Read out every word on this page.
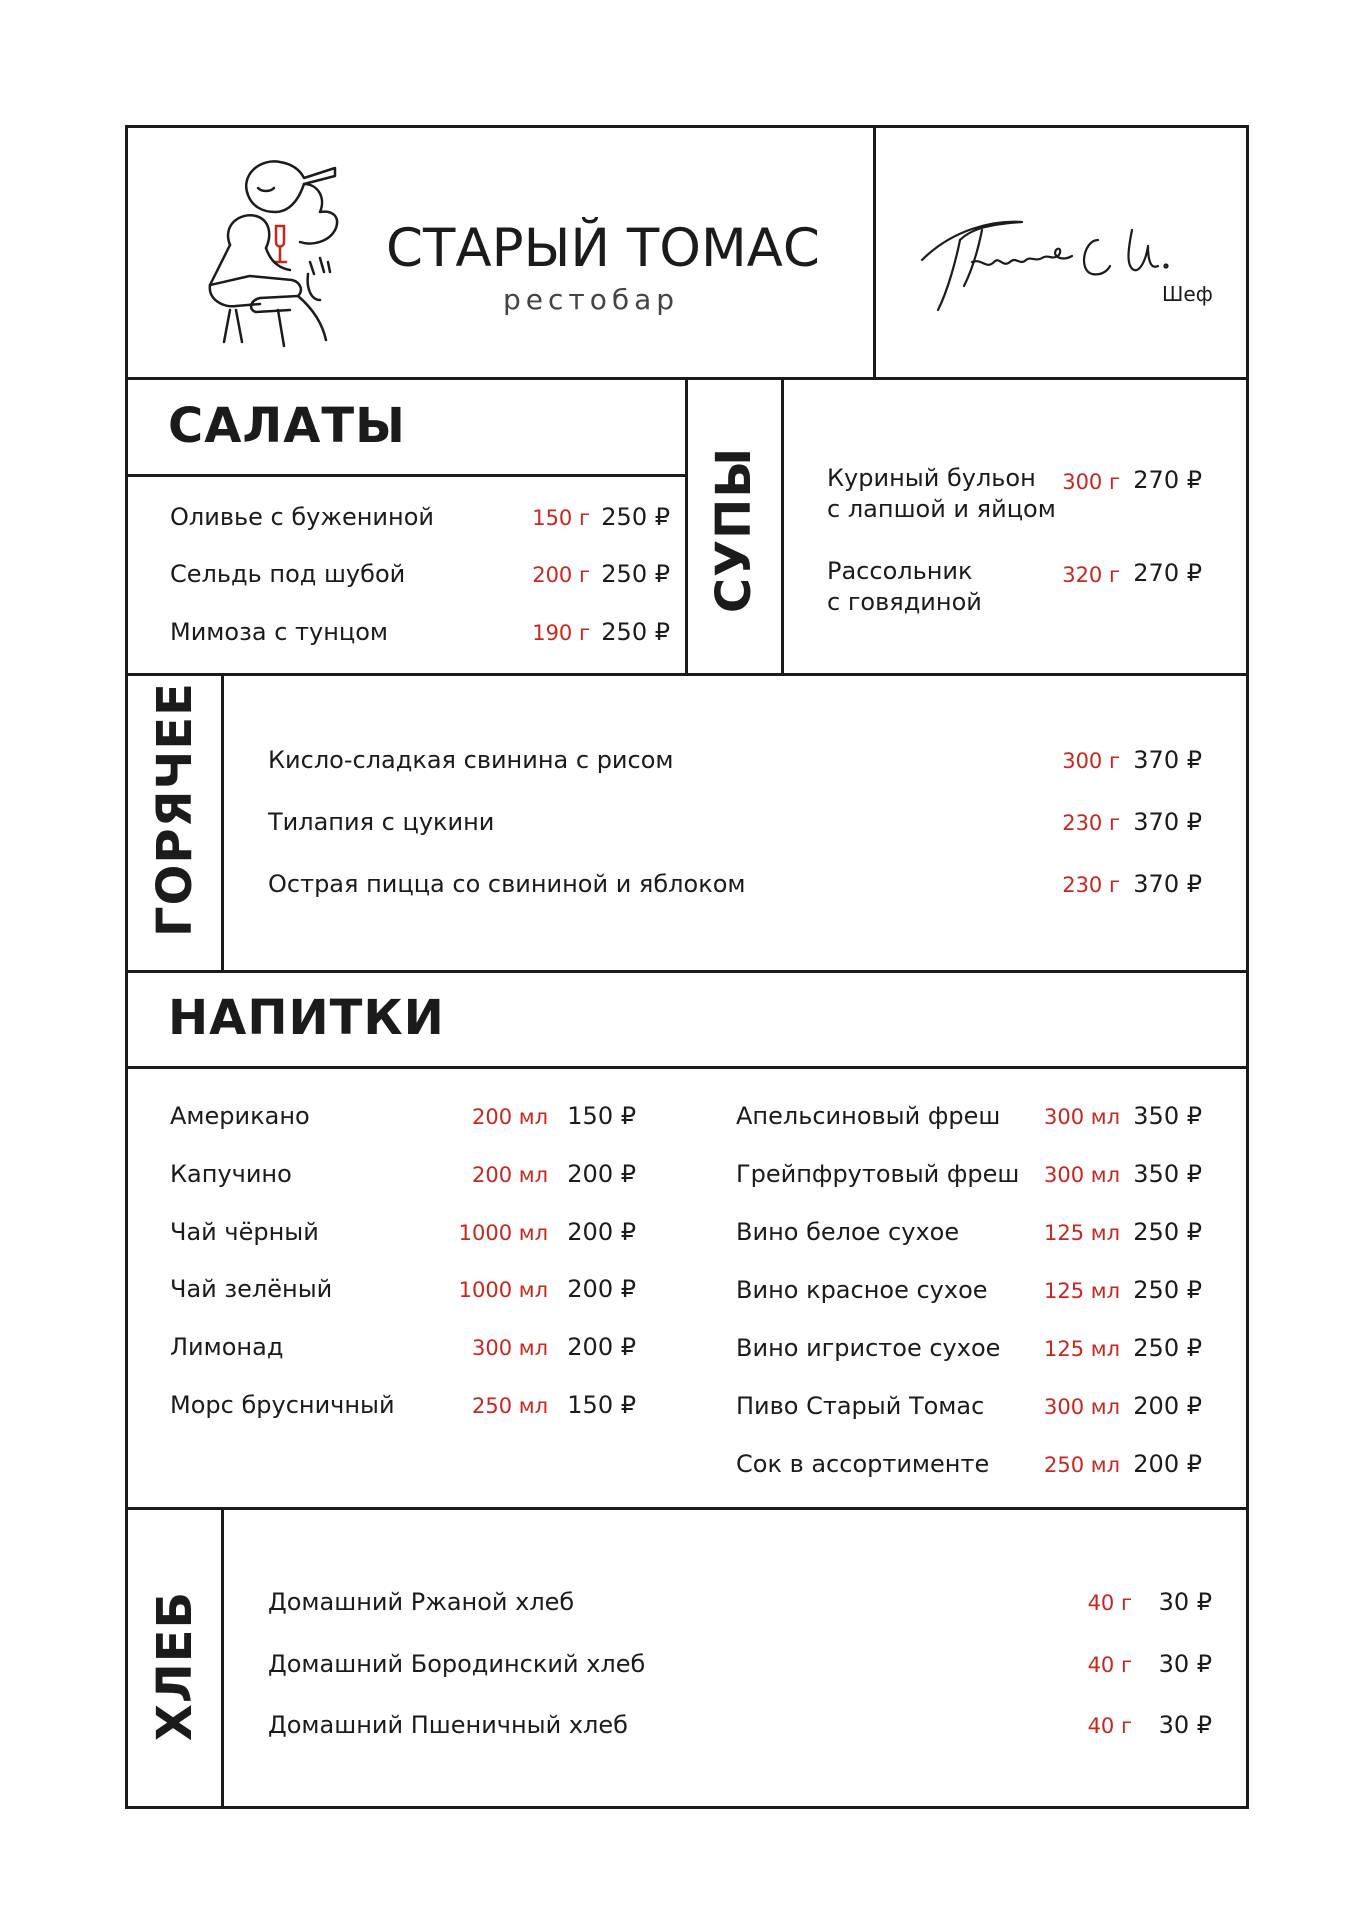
СТАРЫЙ ТОМАС
рестобар	Шеф
САЛАТЫ
Оливье с бужениной	150 г 250 ₽
Сельдь под шубой	200 г 250 ₽
Мимоза с тунцом	190 г 250 ₽
СУПЫ	Куриный бульон
с лапшой и яйцом
300 г 270 ₽
Рассольник
с говядиной
320 г 270 ₽
ГОРЯЧЕЕ	Кисло-сладкая свинина с рисом	300 г 370 ₽
Тилапия с цукини	230 г 370 ₽
Острая пицца со свининой и яблоком	230 г 370 ₽
НАПИТКИ
Американо	200 мл 150 ₽
Капучино	200 мл 200 ₽
Чай чёрный	1000 мл 200 ₽
Чай зелёный	1000 мл 200 ₽
Лимонад	300 мл 200 ₽
Морс брусничный	250 мл 150 ₽
Апельсиновый фреш	300 мл 350 ₽
Грейпфрутовый фреш	300 мл 350 ₽
Вино белое сухое	125 мл 250 ₽
Вино красное сухое	125 мл 250 ₽
Вино игристое сухое	125 мл 250 ₽
Пиво Старый Томас	300 мл 200 ₽
Сок в ассортименте	250 мл 200 ₽
ХЛЕБ	Домашний Ржаной хлеб	40 г	30 ₽
Домашний Бородинский хлеб	40 г	30 ₽
Домашний Пшеничный хлеб	40 г	30 ₽
